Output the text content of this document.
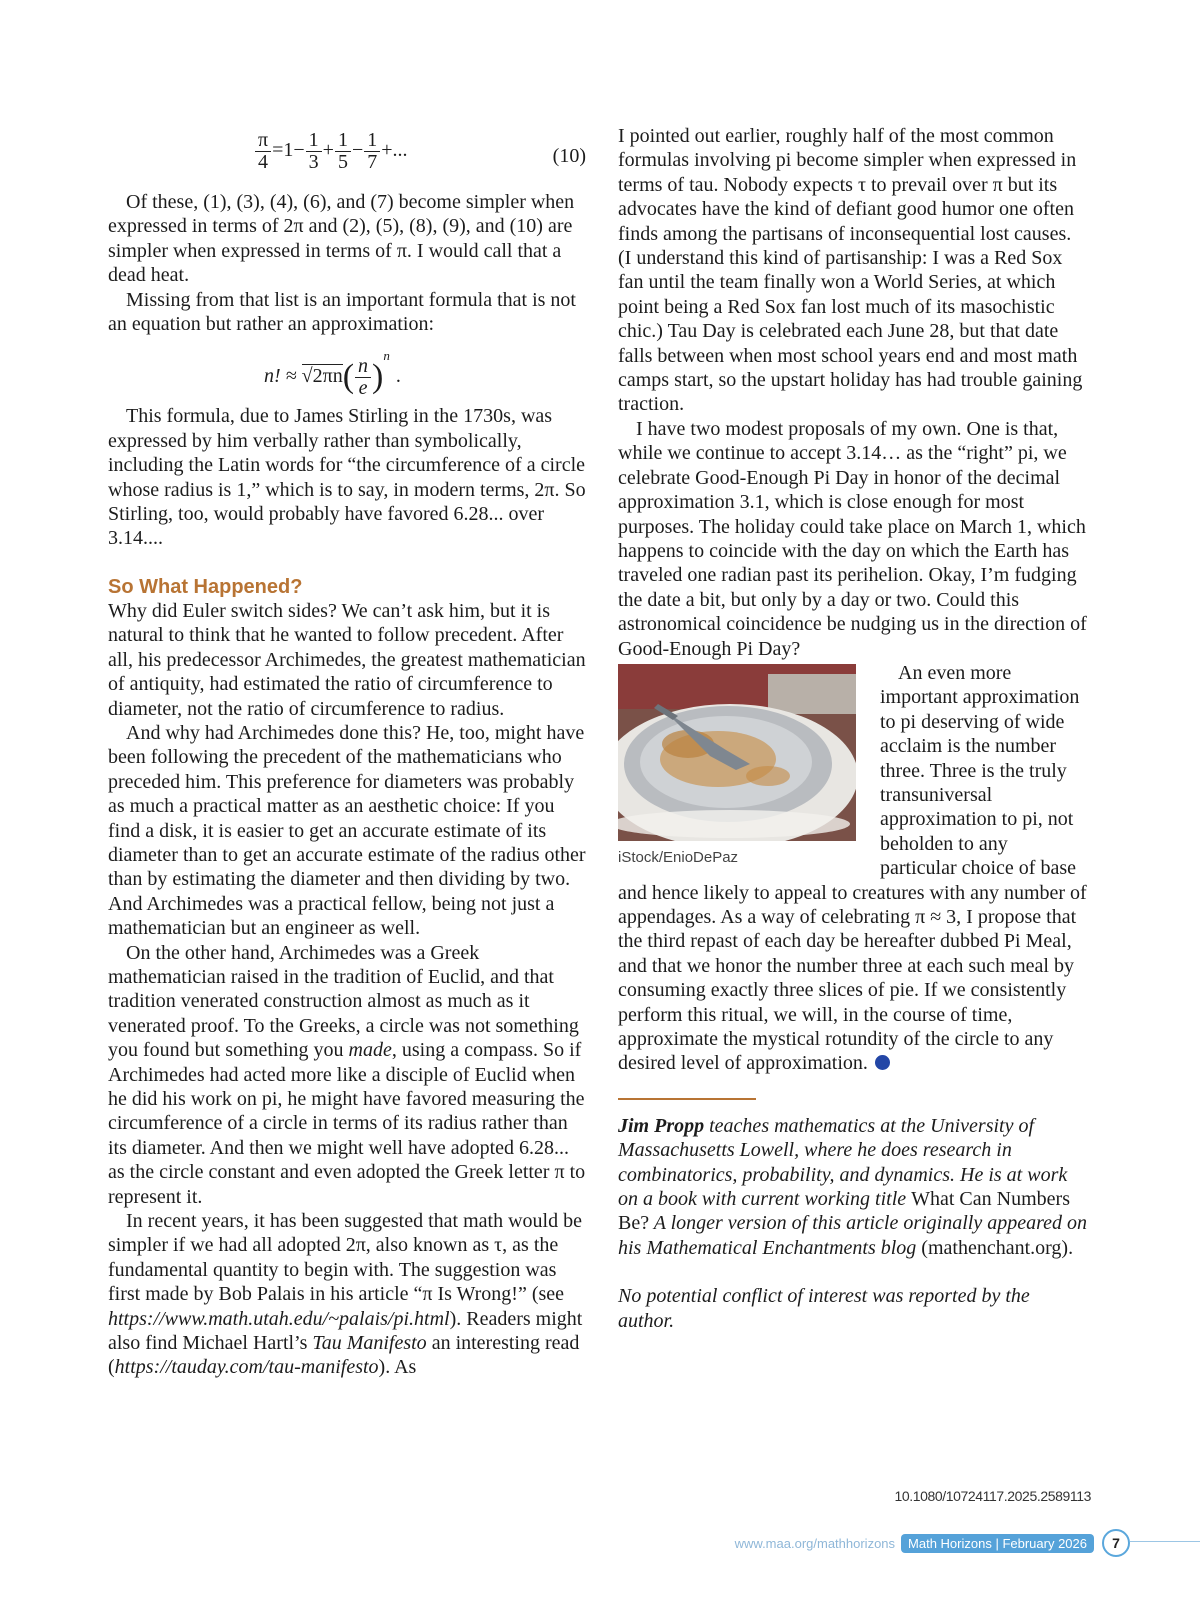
$\frac{\pi}{4} =1- \frac{1}{3} + \frac{1}{5} - \frac{1}{7}$ +...	(10)

Of these, (1), (3), (4), (6), and (7) become simpler when expressed in terms of 2π and (2), (5), (8), (9), and (10) are simpler when expressed in terms of π. I would call that a dead heat.

Missing from that list is an important formula that is not an equation but rather an approximation:

n! ≈ $√2\pi n( \frac{n}{e} )^n$.

This formula, due to James Stirling in the 1730s, was expressed by him verbally rather than symbolically, including the Latin words for “the circumference of a circle whose radius is 1,” which is to say, in modern terms, 2π. So Stirling, too, would probably have favored 6.28... over 3.14....

So What Happened?

Why did Euler switch sides? We can’t ask him, but it is natural to think that he wanted to follow precedent. After all, his predecessor Archimedes, the greatest mathematician of antiquity, had estimated the ratio of circumference to diameter, not the ratio of circumference to radius.

And why had Archimedes done this? He, too, might have been following the precedent of the mathematicians who preceded him. This preference for diameters was probably as much a practical matter as an aesthetic choice: If you find a disk, it is easier to get an accurate estimate of its diameter than to get an accurate estimate of the radius other than by estimating the diameter and then dividing by two. And Archimedes was a practical fellow, being not just a mathematician but an engineer as well.

On the other hand, Archimedes was a Greek mathematician raised in the tradition of Euclid, and that tradition venerated construction almost as much as it venerated proof. To the Greeks, a circle was not something you found but something you made, using a compass. So if Archimedes had acted more like a disciple of Euclid when he did his work on pi, he might have favored measuring the circumference of a circle in terms of its radius rather than its diameter. And then we might well have adopted 6.28... as the circle constant and even adopted the Greek letter π to represent it.

In recent years, it has been suggested that math would be simpler if we had all adopted 2π, also known as τ, as the fundamental quantity to begin with. The suggestion was first made by Bob Palais in his article “π Is Wrong!” (see https://www.math.utah.edu/~palais/pi.html). Readers might also find Michael Hartl’s Tau Manifesto an interesting read (https://tauday.com/tau-manifesto). As

I pointed out earlier, roughly half of the most common formulas involving pi become simpler when expressed in terms of tau. Nobody expects τ to prevail over π but its advocates have the kind of defiant good humor one often finds among the partisans of inconsequential lost causes. (I understand this kind of partisanship: I was a Red Sox fan until the team finally won a World Series, at which point being a Red Sox fan lost much of its masochistic chic.) Tau Day is celebrated each June 28, but that date falls between when most school years end and most math camps start, so the upstart holiday has had trouble gaining traction.

I have two modest proposals of my own. One is that, while we continue to accept 3.14… as the “right” pi, we celebrate Good-Enough Pi Day in honor of the decimal approximation 3.1, which is close enough for most purposes. The holiday could take place on March 1, which happens to coincide with the day on which the Earth has traveled one radian past its perihelion. Okay, I’m fudging the date a bit, but only by a day or two. Could this astronomical coincidence be nudging us in the direction of Good-Enough Pi Day?

iStock/EnioDePaz

An even more important approximation to pi deserving of wide acclaim is the number three. Three is the truly transuniversal approximation to pi, not beholden to any particular choice of base and hence likely to appeal to creatures with any number of appendages. As a way of celebrating π ≈ 3, I propose that the third repast of each day be hereafter dubbed Pi Meal, and that we honor the number three at each such meal by consuming exactly three slices of pie. If we consistently perform this ritual, we will, in the course of time, approximate the mystical rotundity of the circle to any desired level of approximation.

Jim Propp teaches mathematics at the University of Massachusetts Lowell, where he does research in combinatorics, probability, and dynamics. He is at work on a book with current working title What Can Numbers Be? A longer version of this article originally appeared on his Mathematical Enchantments blog (mathenchant.org).

No potential conflict of interest was reported by the author.

10.1080/10724117.2025.2589113
www.maa.org/mathhorizons	Math Horizons | February 2026	7
